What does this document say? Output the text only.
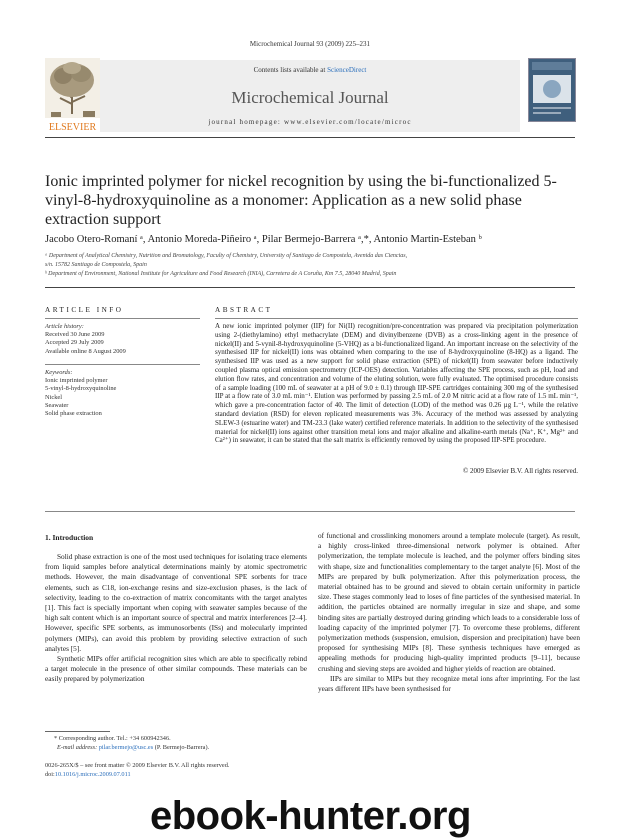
Microchemical Journal 93 (2009) 225–231
Contents lists available at ScienceDirect
Microchemical Journal
journal homepage: www.elsevier.com/locate/microc
ELSEVIER
Ionic imprinted polymer for nickel recognition by using the bi-functionalized 5-vinyl-8-hydroxyquinoline as a monomer: Application as a new solid phase extraction support
Jacobo Otero-Romaní ᵃ, Antonio Moreda-Piñeiro ᵃ, Pilar Bermejo-Barrera ᵃ,*, Antonio Martin-Esteban ᵇ
ᵃ Department of Analytical Chemistry, Nutrition and Bromatology, Faculty of Chemistry, University of Santiago de Compostela, Avenida das Ciencias,
s/n. 15782 Santiago de Compostela, Spain
ᵇ Department of Environment, National Institute for Agriculture and Food Research (INIA), Carretera de A Coruña, Km 7.5, 28040 Madrid, Spain
ARTICLE INFO
Article history:
Received 30 June 2009
Accepted 29 July 2009
Available online 8 August 2009
Keywords:
Ionic imprinted polymer
5-vinyl-8-hydroxyquinoline
Nickel
Seawater
Solid phase extraction
ABSTRACT
A new ionic imprinted polymer (IIP) for Ni(II) recognition/pre-concentration was prepared via precipitation polymerization using 2-(diethylamino) ethyl methacrylate (DEM) and divinylbenzene (DVB) as a cross-linking agent in the presence of nickel(II) and 5-vynil-8-hydroxyquinoline (5-VHQ) as a bi-functionalized ligand. An important increase on the selectivity of the synthesised IIP for nickel(II) ions was obtained when comparing to the use of 8-hydroxyquinoline (8-HQ) as a ligand. The synthesised IIP was used as a new support for solid phase extraction (SPE) of nickel(II) from seawater before inductively coupled plasma optical emission spectrometry (ICP-OES) detection. Variables affecting the SPE process, such as pH, load and elution flow rates, and concentration and volume of the eluting solution, were fully evaluated. The optimised procedure consists of a sample loading (100 mL of seawater at a pH of 9.0 ± 0.1) through IIP-SPE cartridges containing 300 mg of the synthesised IIP at a flow rate of 3.0 mL min⁻¹. Elution was performed by passing 2.5 mL of 2.0 M nitric acid at a flow rate of 1.5 mL min⁻¹, which gave a pre-concentration factor of 40. The limit of detection (LOD) of the method was 0.26 µg L⁻¹, while the relative standard deviation (RSD) for eleven replicated measurements was 3%. Accuracy of the method was assessed by analyzing SLEW-3 (estuarine water) and TM-23.3 (lake water) certified reference materials. In addition to the selectivity of the synthesised material for nickel(II) ions against other transition metal ions and major alkaline and alkaline-earth metals (Na⁺, K⁺, Mg²⁺ and Ca²⁺) in seawater, it can be stated that the salt matrix is efficiently removed by using the proposed IIP-SPE procedure.
© 2009 Elsevier B.V. All rights reserved.
1. Introduction

Solid phase extraction is one of the most used techniques for isolating trace elements from liquid samples before analytical determinations mainly by atomic spectrometric methods. However, the main disadvantage of conventional SPE sorbents for trace elements, such as C18, ion-exchange resins and size-exclusion phases, is the lack of selectivity, leading to the co-extraction of matrix concomitants with the target analytes [1]. This fact is specially important when coping with seawater samples because of the high salt content which is an important source of spectral and matrix interferences [2–4]. However, specific SPE sorbents, as immunosorbents (ISs) and molecularly imprinted polymers (MIPs), can avoid this problem by providing selective extraction of such analytes [5].

Synthetic MIPs offer artificial recognition sites which are able to specifically rebind a target molecule in the presence of other similar compounds. These materials can be easily prepared by polymerization

of functional and crosslinking monomers around a template molecule (target). As result, a highly cross-linked three-dimensional network polymer is obtained. After polymerization, the template molecule is leached, and the polymer offers binding sites with shape, size and functionalities complementary to the target analyte [6]. Most of the MIPs are prepared by bulk polymerization. After this polymerization process, the material obtained has to be ground and sieved to obtain certain uniformity in particle size. These stages commonly lead to loses of fine particles of the synthesised material. In addition, the particles obtained are normally irregular in size and shape, and some binding sites are partially destroyed during grinding which leads to a considerable loss of loading capacity of the imprinted polymer [7]. To overcome these problems, different polymerization methods (suspension, emulsion, dispersion and precipitation) have been proposed for synthesising MIPs [8]. These synthesis techniques have emerged as appealing methods for producing high-quality imprinted products [9–11], because crushing and sieving steps are avoided and higher yields of reaction are obtained.

IIPs are similar to MIPs but they recognize metal ions after imprinting. For the last years different IIPs have been synthesised for

* Corresponding author. Tel.: +34 600942346.
E-mail address: pilar.bermejo@usc.es (P. Bermejo-Barrera).
0026-265X/$ – see front matter © 2009 Elsevier B.V. All rights reserved.
doi:10.1016/j.microc.2009.07.011
ebook-hunter.org
